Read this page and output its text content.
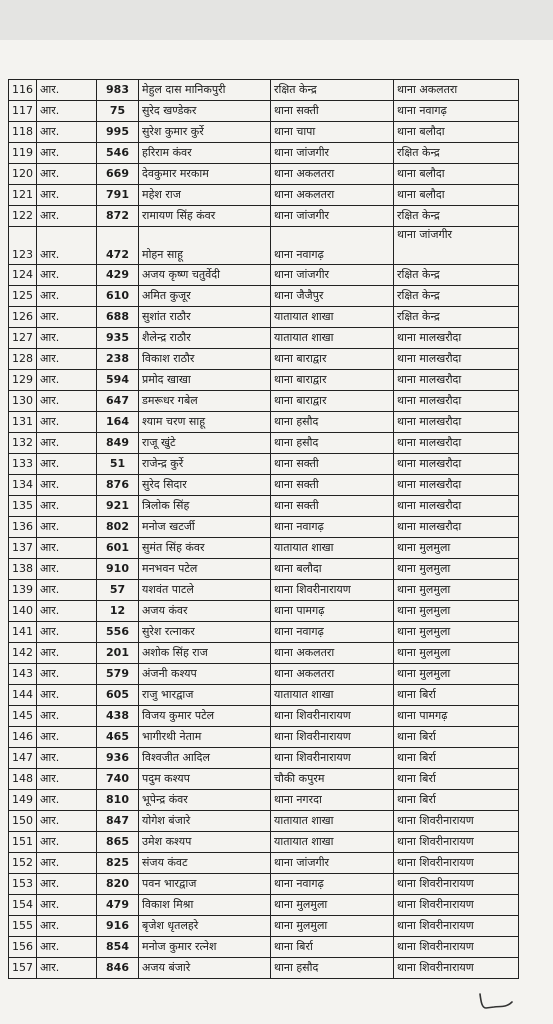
116	आर.	983	मेहुल दास मानिकपुरी	रक्षित केन्द्र	थाना अकलतरा
117	आर.	75	सुरेद खण्डेकर	थाना सक्ती	थाना नवागढ़
118	आर.	995	सुरेश कुमार कुर्रे	थाना चापा	थाना बलौदा
119	आर.	546	हरिराम कंवर	थाना जांजगीर	रक्षित केन्द्र
120	आर.	669	देवकुमार मरकाम	थाना अकलतरा	थाना बलौदा
121	आर.	791	महेश राज	थाना अकलतरा	थाना बलौदा
122	आर.	872	रामायण सिंह कंवर	थाना जांजगीर	रक्षित केन्द्र
123	आर.	472	मोहन साहू	थाना नवागढ़	थाना जांजगीर
124	आर.	429	अजय कृष्ण चतुर्वेदी	थाना जांजगीर	रक्षित केन्द्र
125	आर.	610	अमित कुजूर	थाना जैजैपुर	रक्षित केन्द्र
126	आर.	688	सुशांत राठौर	यातायात शाखा	रक्षित केन्द्र
127	आर.	935	शैलेन्द्र राठौर	यातायात शाखा	थाना मालखरौदा
128	आर.	238	विकाश राठौर	थाना बाराद्वार	थाना मालखरौदा
129	आर.	594	प्रमोद खाखा	थाना बाराद्वार	थाना मालखरौदा
130	आर.	647	डमरूधर गबेल	थाना बाराद्वार	थाना मालखरौदा
131	आर.	164	श्याम चरण साहू	थाना हसौद	थाना मालखरौदा
132	आर.	849	राजू खुंटे	थाना हसौद	थाना मालखरौदा
133	आर.	51	राजेन्द्र कुर्रे	थाना सक्ती	थाना मालखरौदा
134	आर.	876	सुरेद सिदार	थाना सक्ती	थाना मालखरौदा
135	आर.	921	त्रिलोक सिंह	थाना सक्ती	थाना मालखरौदा
136	आर.	802	मनोज खटर्जी	थाना नवागढ़	थाना मालखरौदा
137	आर.	601	सुमंत सिंह कंवर	यातायात शाखा	थाना मुलमुला
138	आर.	910	मनभवन पटेल	थाना बलौदा	थाना मुलमुला
139	आर.	57	यशवंत पाटले	थाना शिवरीनारायण	थाना मुलमुला
140	आर.	12	अजय कंवर	थाना पामगढ़	थाना मुलमुला
141	आर.	556	सुरेश रत्नाकर	थाना नवागढ़	थाना मुलमुला
142	आर.	201	अशोक सिंह राज	थाना अकलतरा	थाना मुलमुला
143	आर.	579	अंजनी कश्यप	थाना अकलतरा	थाना मुलमुला
144	आर.	605	राजु भारद्वाज	यातायात शाखा	थाना बिर्रा
145	आर.	438	विजय कुमार पटेल	थाना शिवरीनारायण	थाना पामगढ़
146	आर.	465	भागीरथी नेताम	थाना शिवरीनारायण	थाना बिर्रा
147	आर.	936	विश्वजीत आदिल	थाना शिवरीनारायण	थाना बिर्रा
148	आर.	740	पदुम कश्यप	चौकी कपुरम	थाना बिर्रा
149	आर.	810	भूपेन्द्र कंवर	थाना नगरदा	थाना बिर्रा
150	आर.	847	योगेश बंजारे	यातायात शाखा	थाना शिवरीनारायण
151	आर.	865	उमेश कश्यप	यातायात शाखा	थाना शिवरीनारायण
152	आर.	825	संजय कंवट	थाना जांजगीर	थाना शिवरीनारायण
153	आर.	820	पवन भारद्वाज	थाना नवागढ़	थाना शिवरीनारायण
154	आर.	479	विकाश मिश्रा	थाना मुलमुला	थाना शिवरीनारायण
155	आर.	916	बृजेश धृतलहरे	थाना मुलमुला	थाना शिवरीनारायण
156	आर.	854	मनोज कुमार रत्नेश	थाना बिर्रा	थाना शिवरीनारायण
157	आर.	846	अजय बंजारे	थाना हसौद	थाना शिवरीनारायण
